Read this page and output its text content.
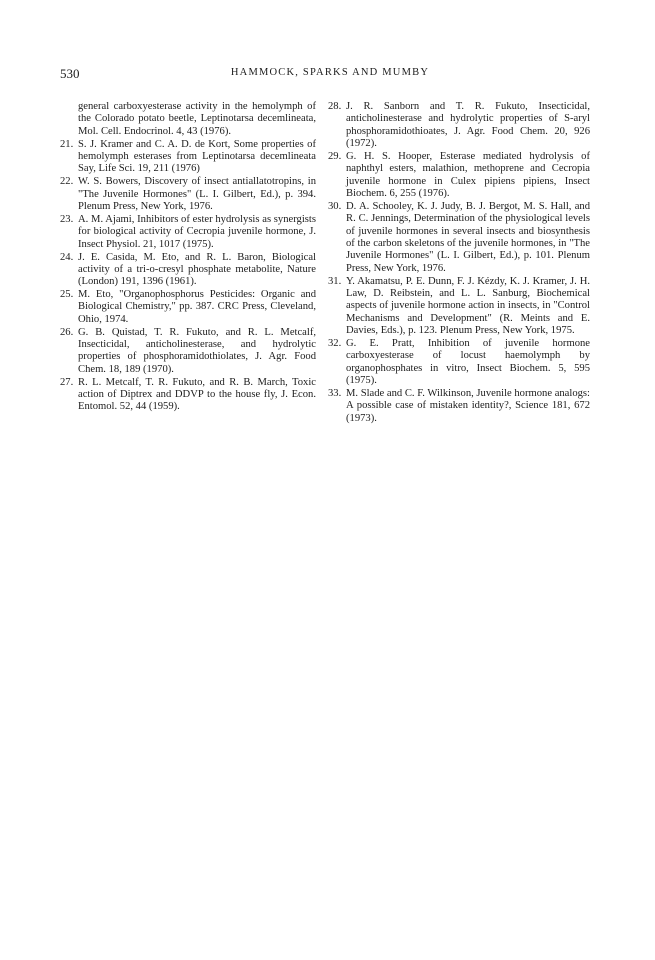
530	HAMMOCK, SPARKS AND MUMBY
general carboxyesterase activity in the hemolymph of the Colorado potato beetle, Leptinotarsa decemlineata, Mol. Cell. Endocrinol. 4, 43 (1976).
21. S. J. Kramer and C. A. D. de Kort, Some properties of hemolymph esterases from Leptinotarsa decemlineata Say, Life Sci. 19, 211 (1976)
22. W. S. Bowers, Discovery of insect antiallatotropins, in "The Juvenile Hormones" (L. I. Gilbert, Ed.), p. 394. Plenum Press, New York, 1976.
23. A. M. Ajami, Inhibitors of ester hydrolysis as synergists for biological activity of Cecropia juvenile hormone, J. Insect Physiol. 21, 1017 (1975).
24. J. E. Casida, M. Eto, and R. L. Baron, Biological activity of a tri-o-cresyl phosphate metabolite, Nature (London) 191, 1396 (1961).
25. M. Eto, "Organophosphorus Pesticides: Organic and Biological Chemistry," pp. 387. CRC Press, Cleveland, Ohio, 1974.
26. G. B. Quistad, T. R. Fukuto, and R. L. Metcalf, Insecticidal, anticholinesterase, and hydrolytic properties of phosphoramidothiolates, J. Agr. Food Chem. 18, 189 (1970).
27. R. L. Metcalf, T. R. Fukuto, and R. B. March, Toxic action of Diptrex and DDVP to the house fly, J. Econ. Entomol. 52, 44 (1959).
28. J. R. Sanborn and T. R. Fukuto, Insecticidal, anticholinesterase and hydrolytic properties of S-aryl phosphoramidothioates, J. Agr. Food Chem. 20, 926 (1972).
29. G. H. S. Hooper, Esterase mediated hydrolysis of naphthyl esters, malathion, methoprene and Cecropia juvenile hormone in Culex pipiens pipiens, Insect Biochem. 6, 255 (1976).
30. D. A. Schooley, K. J. Judy, B. J. Bergot, M. S. Hall, and R. C. Jennings, Determination of the physiological levels of juvenile hormones in several insects and biosynthesis of the carbon skeletons of the juvenile hormones, in "The Juvenile Hormones" (L. I. Gilbert, Ed.), p. 101. Plenum Press, New York, 1976.
31. Y. Akamatsu, P. E. Dunn, F. J. Kézdy, K. J. Kramer, J. H. Law, D. Reibstein, and L. L. Sanburg, Biochemical aspects of juvenile hormone action in insects, in "Control Mechanisms and Development" (R. Meints and E. Davies, Eds.), p. 123. Plenum Press, New York, 1975.
32. G. E. Pratt, Inhibition of juvenile hormone carboxyesterase of locust haemolymph by organophosphates in vitro, Insect Biochem. 5, 595 (1975).
33. M. Slade and C. F. Wilkinson, Juvenile hormone analogs: A possible case of mistaken identity?, Science 181, 672 (1973).
